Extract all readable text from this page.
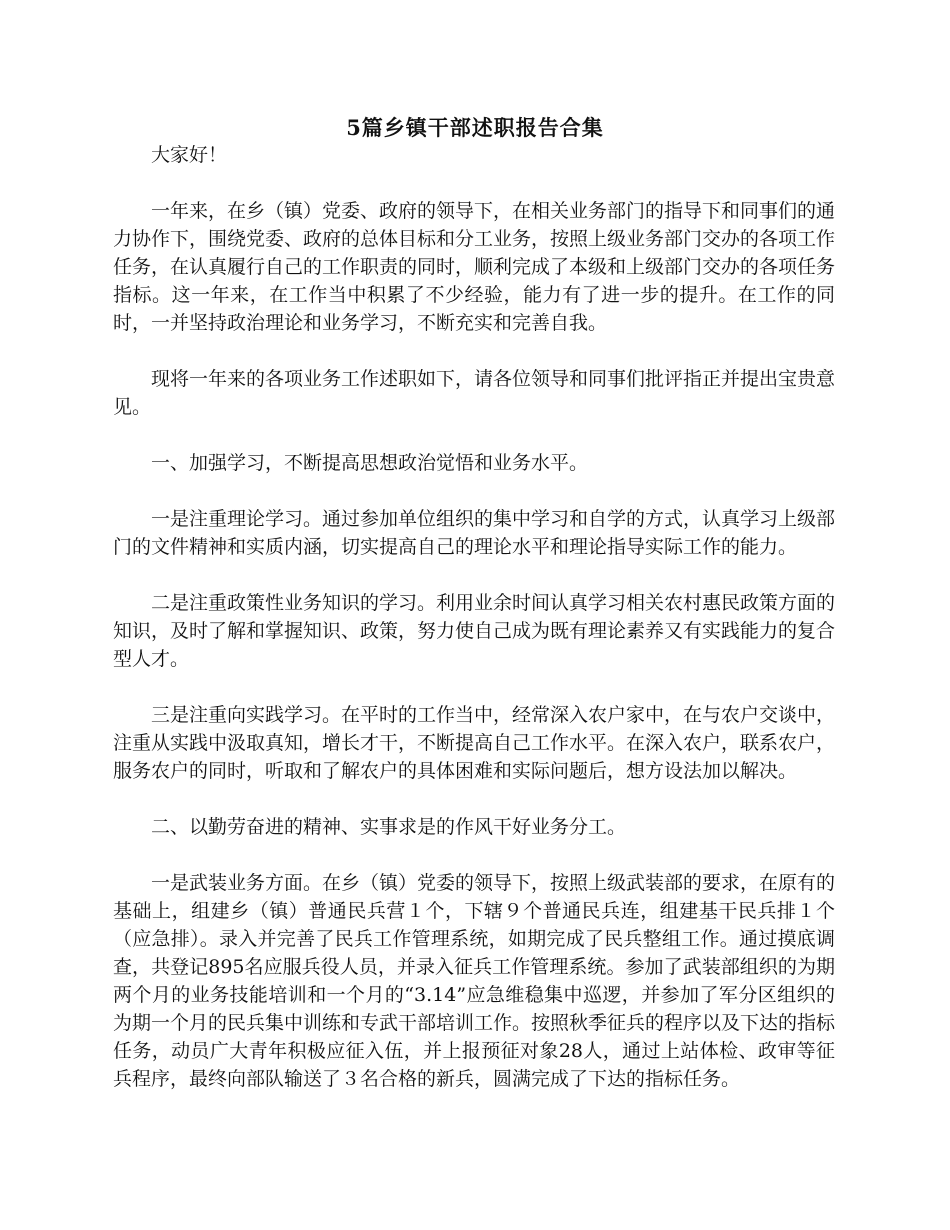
5篇乡镇干部述职报告合集

大家好！

一年来，在乡（镇）党委、政府的领导下，在相关业务部门的指导下和同事们的通力协作下，围绕党委、政府的总体目标和分工业务，按照上级业务部门交办的各项工作任务，在认真履行自己的工作职责的同时，顺利完成了本级和上级部门交办的各项任务指标。这一年来，在工作当中积累了不少经验，能力有了进一步的提升。在工作的同时，一并坚持政治理论和业务学习，不断充实和完善自我。

现将一年来的各项业务工作述职如下，请各位领导和同事们批评指正并提出宝贵意见。

一、加强学习，不断提高思想政治觉悟和业务水平。

一是注重理论学习。通过参加单位组织的集中学习和自学的方式，认真学习上级部门的文件精神和实质内涵，切实提高自己的理论水平和理论指导实际工作的能力。

二是注重政策性业务知识的学习。利用业余时间认真学习相关农村惠民政策方面的知识，及时了解和掌握知识、政策，努力使自己成为既有理论素养又有实践能力的复合型人才。

三是注重向实践学习。在平时的工作当中，经常深入农户家中，在与农户交谈中，注重从实践中汲取真知，增长才干，不断提高自己工作水平。在深入农户，联系农户，服务农户的同时，听取和了解农户的具体困难和实际问题后，想方设法加以解决。

二、以勤劳奋进的精神、实事求是的作风干好业务分工。

一是武装业务方面。在乡（镇）党委的领导下，按照上级武装部的要求，在原有的基础上，组建乡（镇）普通民兵营１个，下辖９个普通民兵连，组建基干民兵排１个（应急排）。录入并完善了民兵工作管理系统，如期完成了民兵整组工作。通过摸底调查，共登记895名应服兵役人员，并录入征兵工作管理系统。参加了武装部组织的为期两个月的业务技能培训和一个月的“3.14”应急维稳集中巡逻，并参加了军分区组织的为期一个月的民兵集中训练和专武干部培训工作。按照秋季征兵的程序以及下达的指标任务，动员广大青年积极应征入伍，并上报预征对象28人，通过上站体检、政审等征兵程序，最终向部队输送了３名合格的新兵，圆满完成了下达的指标任务。
